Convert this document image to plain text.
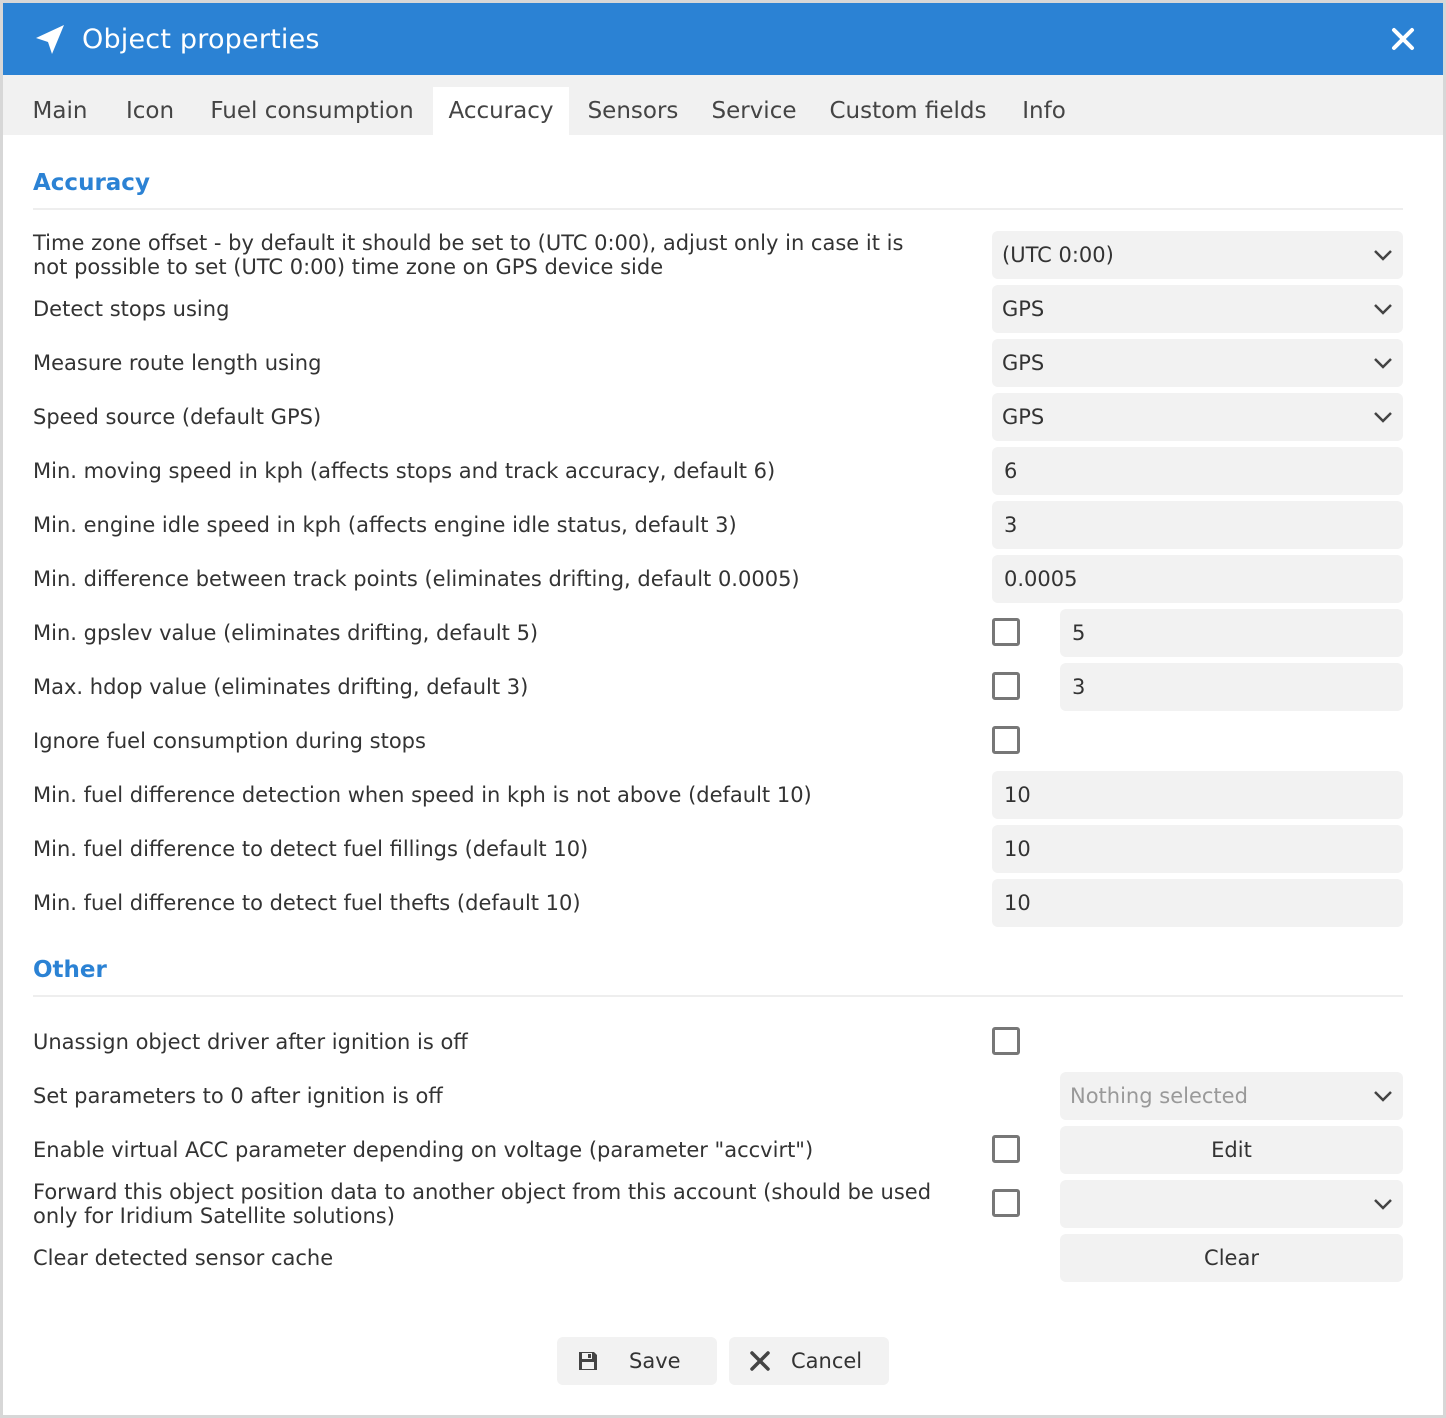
Object properties
Main	Icon	Fuel consumption	Accuracy	Sensors	Service	Custom fields	Info
Accuracy
Time zone offset - by default it should be set to (UTC 0:00), adjust only in case it is not possible to set (UTC 0:00) time zone on GPS device side	(UTC 0:00)
Detect stops using	GPS
Measure route length using	GPS
Speed source (default GPS)	GPS
Min. moving speed in kph (affects stops and track accuracy, default 6)	6
Min. engine idle speed in kph (affects engine idle status, default 3)	3
Min. difference between track points (eliminates drifting, default 0.0005)	0.0005
Min. gpslev value (eliminates drifting, default 5)	5
Max. hdop value (eliminates drifting, default 3)	3
Ignore fuel consumption during stops
Min. fuel difference detection when speed in kph is not above (default 10)	10
Min. fuel difference to detect fuel fillings (default 10)	10
Min. fuel difference to detect fuel thefts (default 10)	10
Other
Unassign object driver after ignition is off
Set parameters to 0 after ignition is off	Nothing selected
Enable virtual ACC parameter depending on voltage (parameter "accvirt")	Edit
Forward this object position data to another object from this account (should be used only for Iridium Satellite solutions)
Clear detected sensor cache	Clear
Save	Cancel
